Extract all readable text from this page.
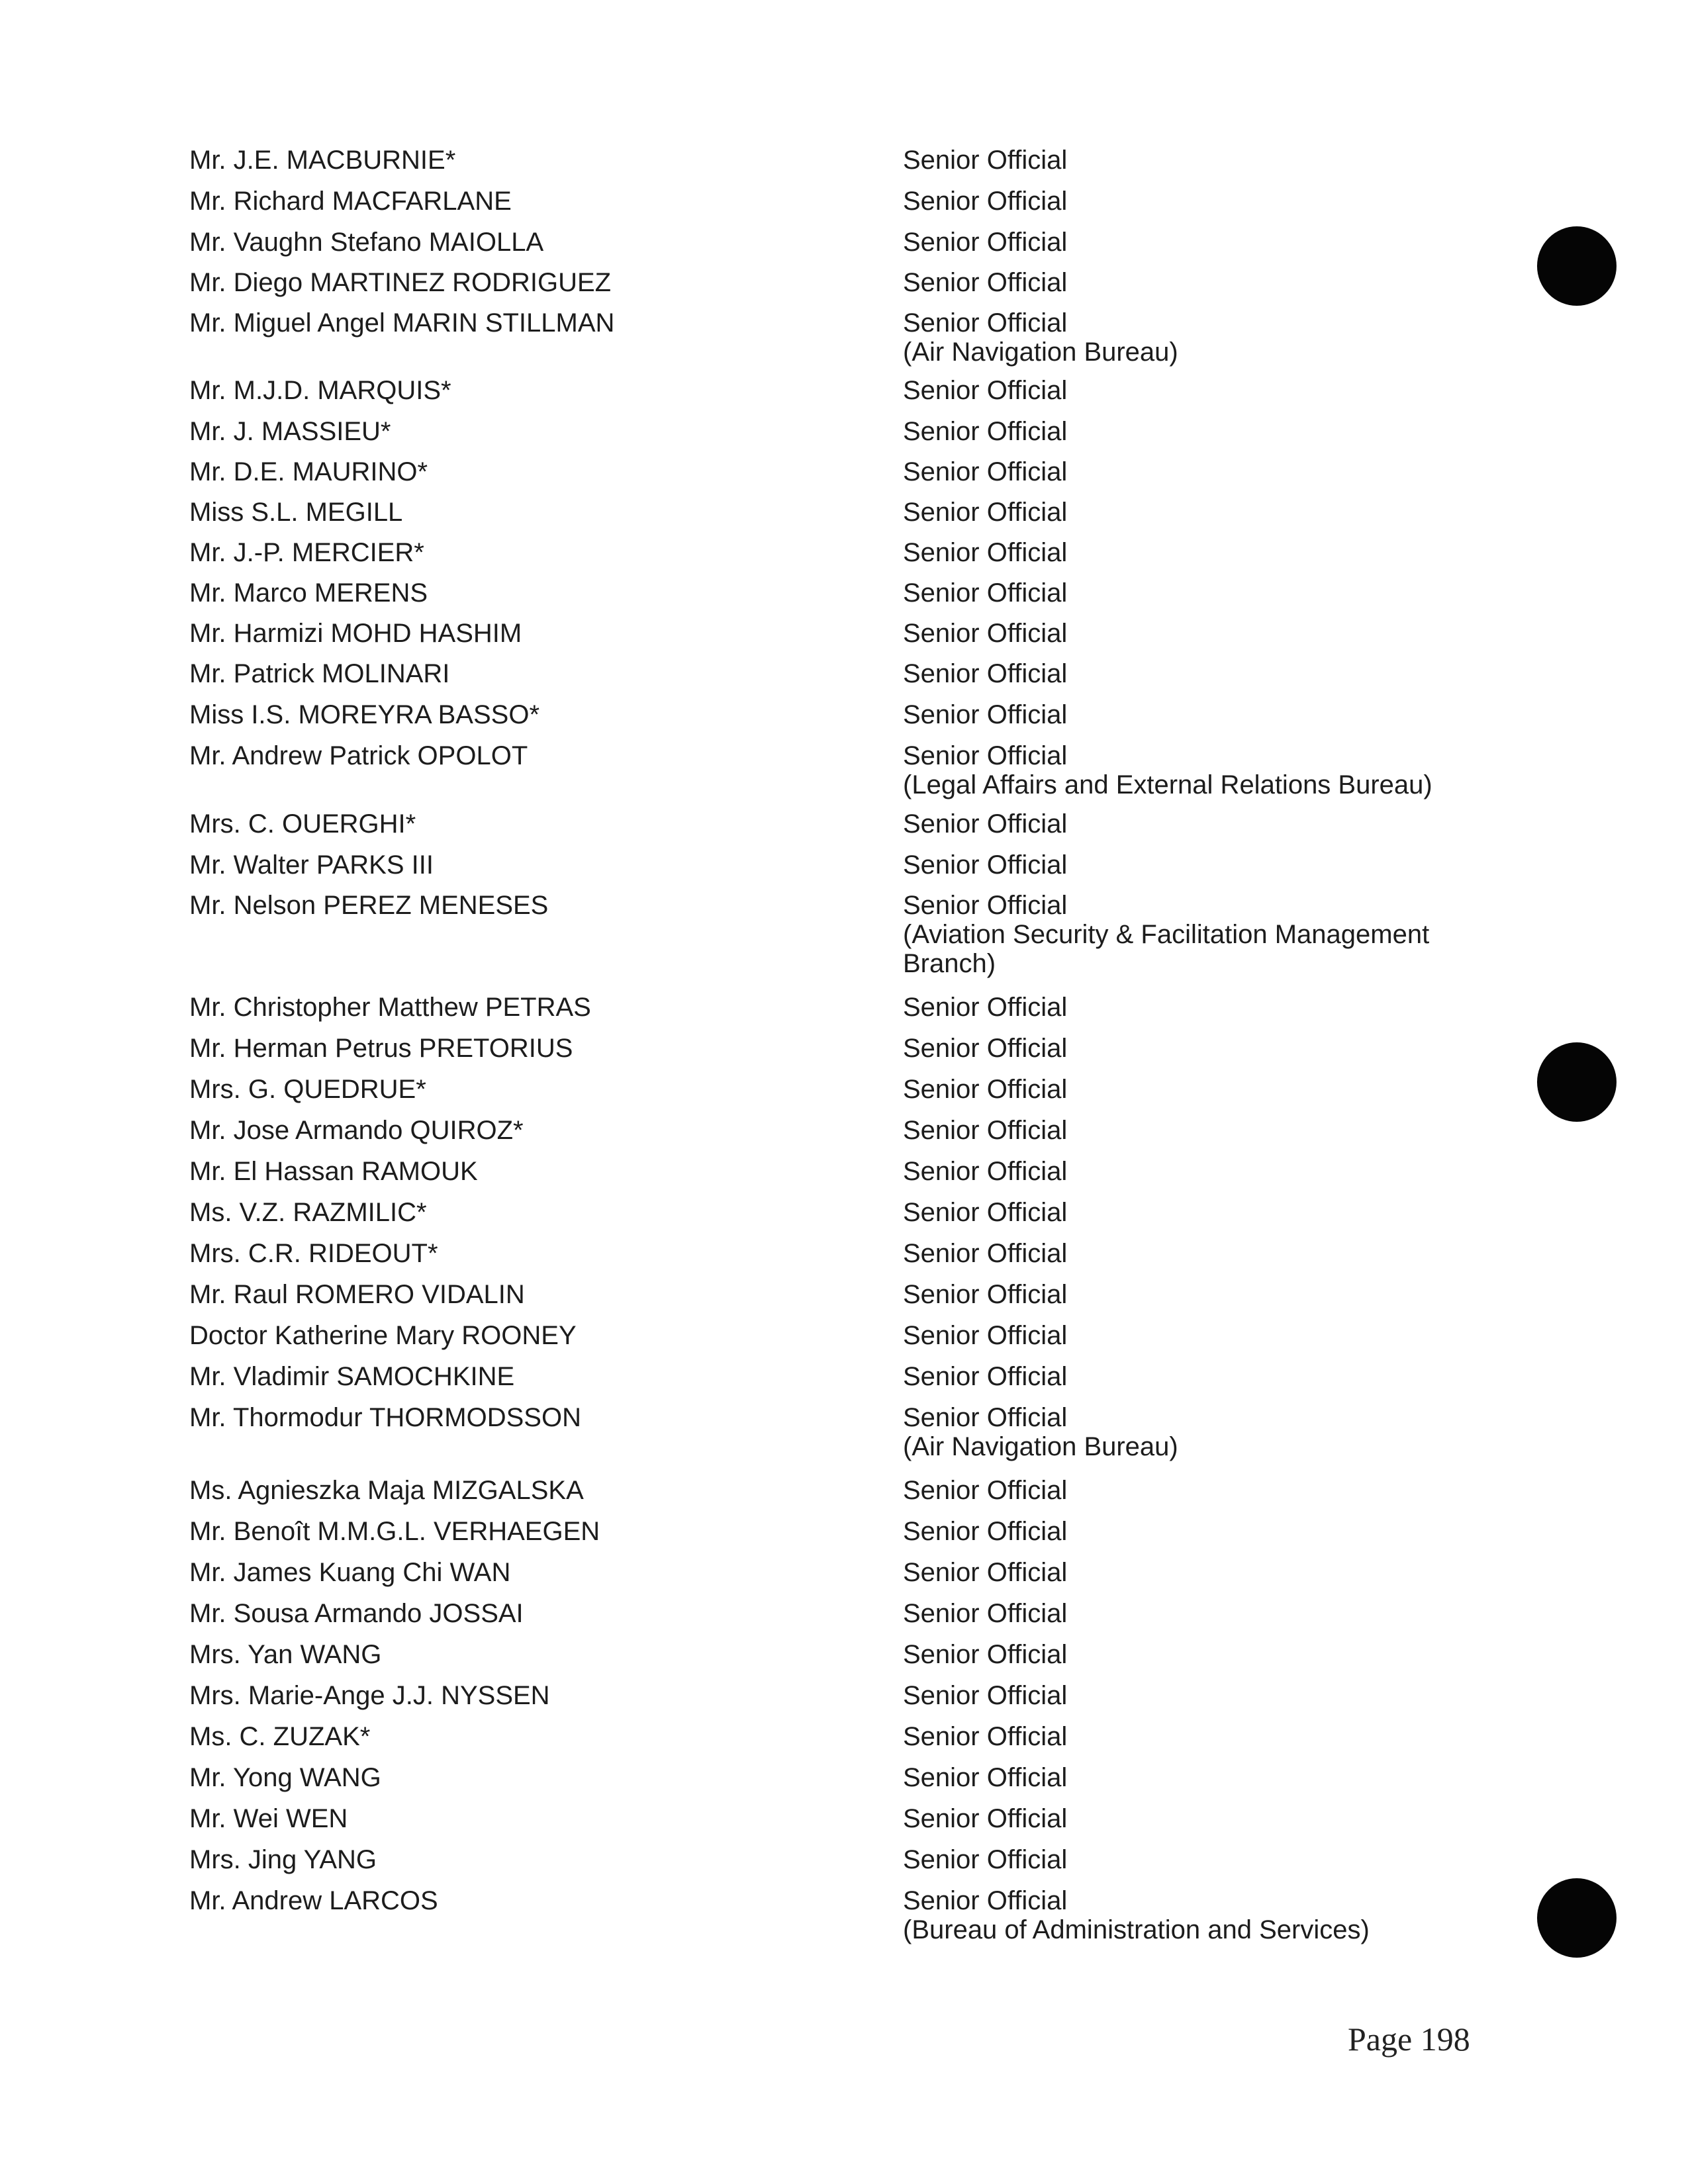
Mr. J.E. MACBURNIE*	Senior Official
Mr. Richard MACFARLANE	Senior Official
Mr. Vaughn Stefano MAIOLLA	Senior Official
Mr. Diego MARTINEZ RODRIGUEZ	Senior Official
Mr. Miguel Angel MARIN STILLMAN	Senior Official
(Air Navigation Bureau)
Mr. M.J.D. MARQUIS*	Senior Official
Mr. J. MASSIEU*	Senior Official
Mr. D.E. MAURINO*	Senior Official
Miss S.L. MEGILL	Senior Official
Mr. J.-P. MERCIER*	Senior Official
Mr. Marco MERENS	Senior Official
Mr. Harmizi MOHD HASHIM	Senior Official
Mr. Patrick MOLINARI	Senior Official
Miss I.S. MOREYRA BASSO*	Senior Official
Mr. Andrew Patrick OPOLOT	Senior Official
(Legal Affairs and External Relations Bureau)
Mrs. C. OUERGHI*	Senior Official
Mr. Walter PARKS III	Senior Official
Mr. Nelson PEREZ MENESES	Senior Official
(Aviation Security & Facilitation Management Branch)
Mr. Christopher Matthew PETRAS	Senior Official
Mr. Herman Petrus PRETORIUS	Senior Official
Mrs. G. QUEDRUE*	Senior Official
Mr. Jose Armando QUIROZ*	Senior Official
Mr. El Hassan RAMOUK	Senior Official
Ms. V.Z. RAZMILIC*	Senior Official
Mrs. C.R. RIDEOUT*	Senior Official
Mr. Raul ROMERO VIDALIN	Senior Official
Doctor Katherine Mary ROONEY	Senior Official
Mr. Vladimir SAMOCHKINE	Senior Official
Mr. Thormodur THORMODSSON	Senior Official
(Air Navigation Bureau)
Ms. Agnieszka Maja MIZGALSKA	Senior Official
Mr. Benoît M.M.G.L. VERHAEGEN	Senior Official
Mr. James Kuang Chi WAN	Senior Official
Mr. Sousa Armando JOSSAI	Senior Official
Mrs. Yan WANG	Senior Official
Mrs. Marie-Ange J.J. NYSSEN	Senior Official
Ms. C. ZUZAK*	Senior Official
Mr. Yong WANG	Senior Official
Mr. Wei WEN	Senior Official
Mrs. Jing YANG	Senior Official
Mr. Andrew LARCOS	Senior Official
(Bureau of Administration and Services)
Page 198
